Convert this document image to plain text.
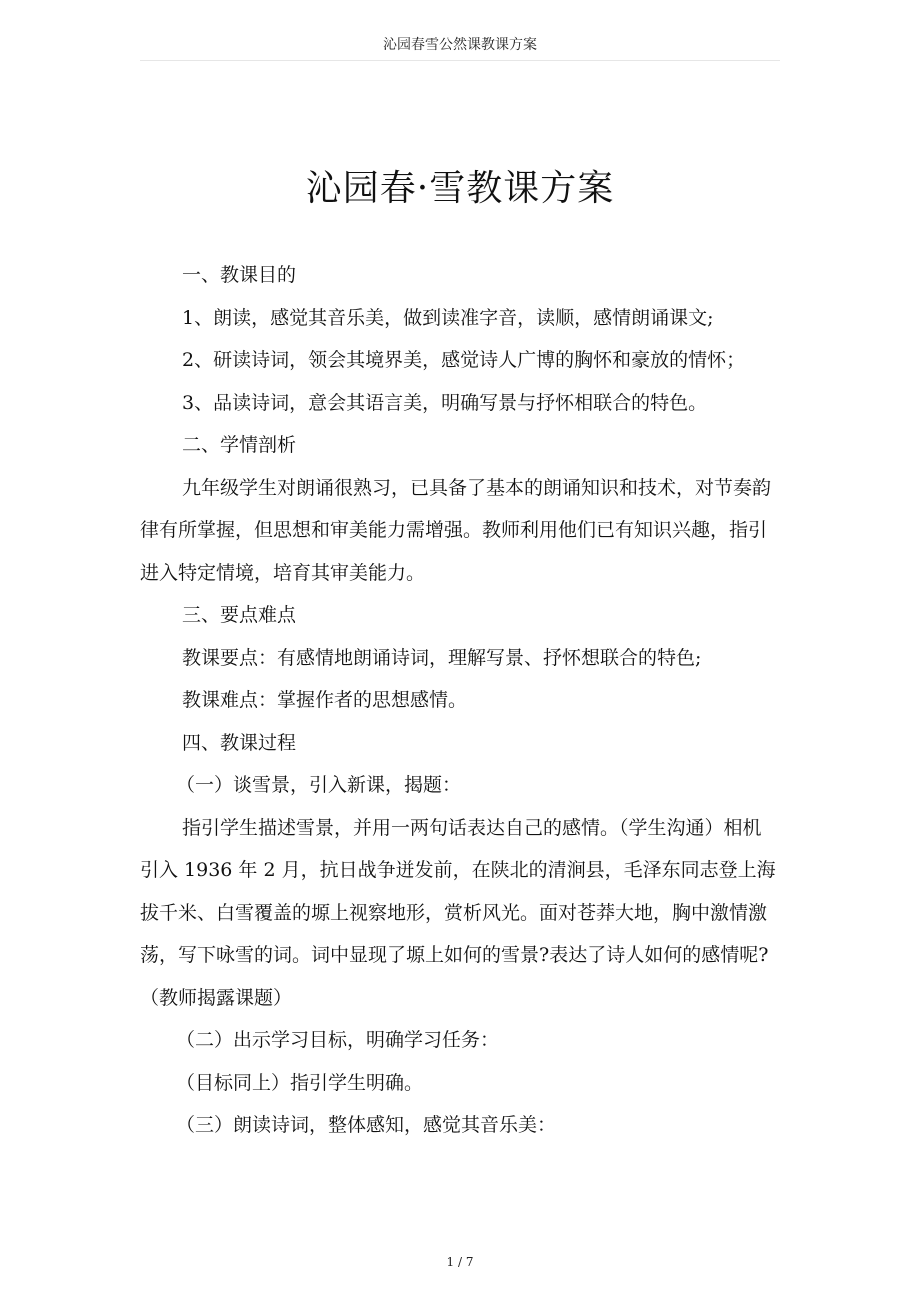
沁园春雪公然课教课方案
沁园春·雪教课方案

一、教课目的

1、朗读，感觉其音乐美，做到读准字音，读顺，感情朗诵课文;

2、研读诗词，领会其境界美，感觉诗人广博的胸怀和豪放的情怀；

3、品读诗词，意会其语言美，明确写景与抒怀相联合的特色。

二、学情剖析

九年级学生对朗诵很熟习，已具备了基本的朗诵知识和技术，对节奏韵律有所掌握，但思想和审美能力需增强。教师利用他们已有知识兴趣，指引进入特定情境，培育其审美能力。

三、要点难点

教课要点：有感情地朗诵诗词，理解写景、抒怀想联合的特色;

教课难点：掌握作者的思想感情。

四、教课过程

（一）谈雪景，引入新课，揭题：

指引学生描述雪景，并用一两句话表达自己的感情。（学生沟通）相机引入 1936 年 2 月，抗日战争迸发前，在陕北的清涧县，毛泽东同志登上海拔千米、白雪覆盖的塬上视察地形，赏析风光。面对苍莽大地，胸中激情激荡，写下咏雪的词。词中显现了塬上如何的雪景?表达了诗人如何的感情呢?（教师揭露课题）

（二）出示学习目标，明确学习任务：

（目标同上）指引学生明确。

（三）朗读诗词，整体感知，感觉其音乐美：

1 / 7
